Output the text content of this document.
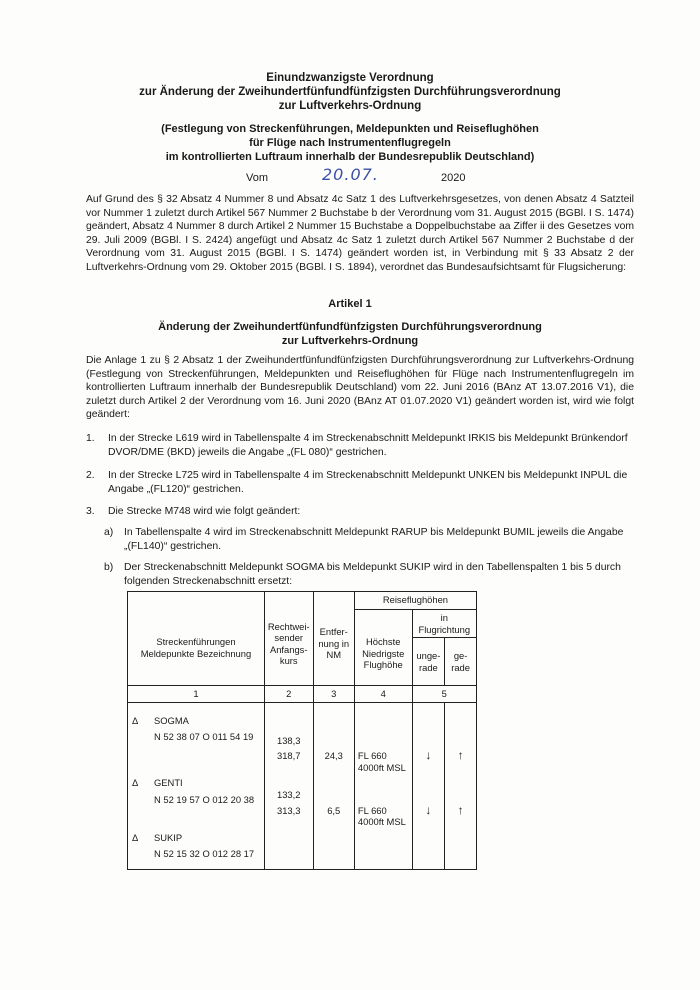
Einundzwanzigste Verordnung
zur Änderung der Zweihundertfünfundfünfzigsten Durchführungsverordnung
zur Luftverkehrs-Ordnung
(Festlegung von Streckenführungen, Meldepunkten und Reiseflughöhen
für Flüge nach Instrumentenflugregeln
im kontrollierten Luftraum innerhalb der Bundesrepublik Deutschland)
Vom	20.07.	2020
Auf Grund des § 32 Absatz 4 Nummer 8 und Absatz 4c Satz 1 des Luftverkehrsgesetzes, von denen Absatz 4 Satzteil vor Nummer 1 zuletzt durch Artikel 567 Nummer 2 Buchstabe b der Verordnung vom 31. August 2015 (BGBl. I S. 1474) geändert, Absatz 4 Nummer 8 durch Artikel 2 Nummer 15 Buchstabe a Doppelbuchstabe aa Ziffer ii des Gesetzes vom 29. Juli 2009 (BGBl. I S. 2424) angefügt und Absatz 4c Satz 1 zuletzt durch Artikel 567 Nummer 2 Buchstabe d der Verordnung vom 31. August 2015 (BGBl. I S. 1474) geändert worden ist, in Verbindung mit § 33 Absatz 2 der Luftverkehrs-Ordnung vom 29. Oktober 2015 (BGBl. I S. 1894), verordnet das Bundesaufsichtsamt für Flugsicherung:
Artikel 1
Änderung der Zweihundertfünfundfünfzigsten Durchführungsverordnung
zur Luftverkehrs-Ordnung
Die Anlage 1 zu § 2 Absatz 1 der Zweihundertfünfundfünfzigsten Durchführungsverordnung zur Luftverkehrs-Ordnung (Festlegung von Streckenführungen, Meldepunkten und Reiseflughöhen für Flüge nach Instrumentenflugregeln im kontrollierten Luftraum innerhalb der Bundesrepublik Deutschland) vom 22. Juni 2016 (BAnz AT 13.07.2016 V1), die zuletzt durch Artikel 2 der Verordnung vom 16. Juni 2020 (BAnz AT 01.07.2020 V1) geändert worden ist, wird wie folgt geändert:
1. In der Strecke L619 wird in Tabellenspalte 4 im Streckenabschnitt Meldepunkt IRKIS bis Meldepunkt Brünkendorf DVOR/DME (BKD) jeweils die Angabe „(FL 080)“ gestrichen.
2. In der Strecke L725 wird in Tabellenspalte 4 im Streckenabschnitt Meldepunkt UNKEN bis Meldepunkt INPUL die Angabe „(FL120)“ gestrichen.
3. Die Strecke M748 wird wie folgt geändert:
a) In Tabellenspalte 4 wird im Streckenabschnitt Meldepunkt RARUP bis Meldepunkt BUMIL jeweils die Angabe „(FL140)“ gestrichen.
b) Der Streckenabschnitt Meldepunkt SOGMA bis Meldepunkt SUKIP wird in den Tabellenspalten 1 bis 5 durch folgenden Streckenabschnitt ersetzt:
Streckenführungen Meldepunkte Bezeichnung	Rechtwei-sender Anfangs-kurs	Entfer-nung in NM	Reiseflughöhen		
			Höchste Niedrigste Flughöhe	in Flugrichtung	
				unge-rade	ge-rade
1	2	3	4	5	

Δ SOGMA
N 52 38 07 O 011 54 19	138,3				
	318,7	24,3	FL 660 4000ft MSL	↓	↑

Δ GENTI
N 52 19 57 O 012 20 38	133,2				
	313,3	6,5	FL 660 4000ft MSL	↓	↑

Δ SUKIP
N 52 15 32 O 012 28 17					
